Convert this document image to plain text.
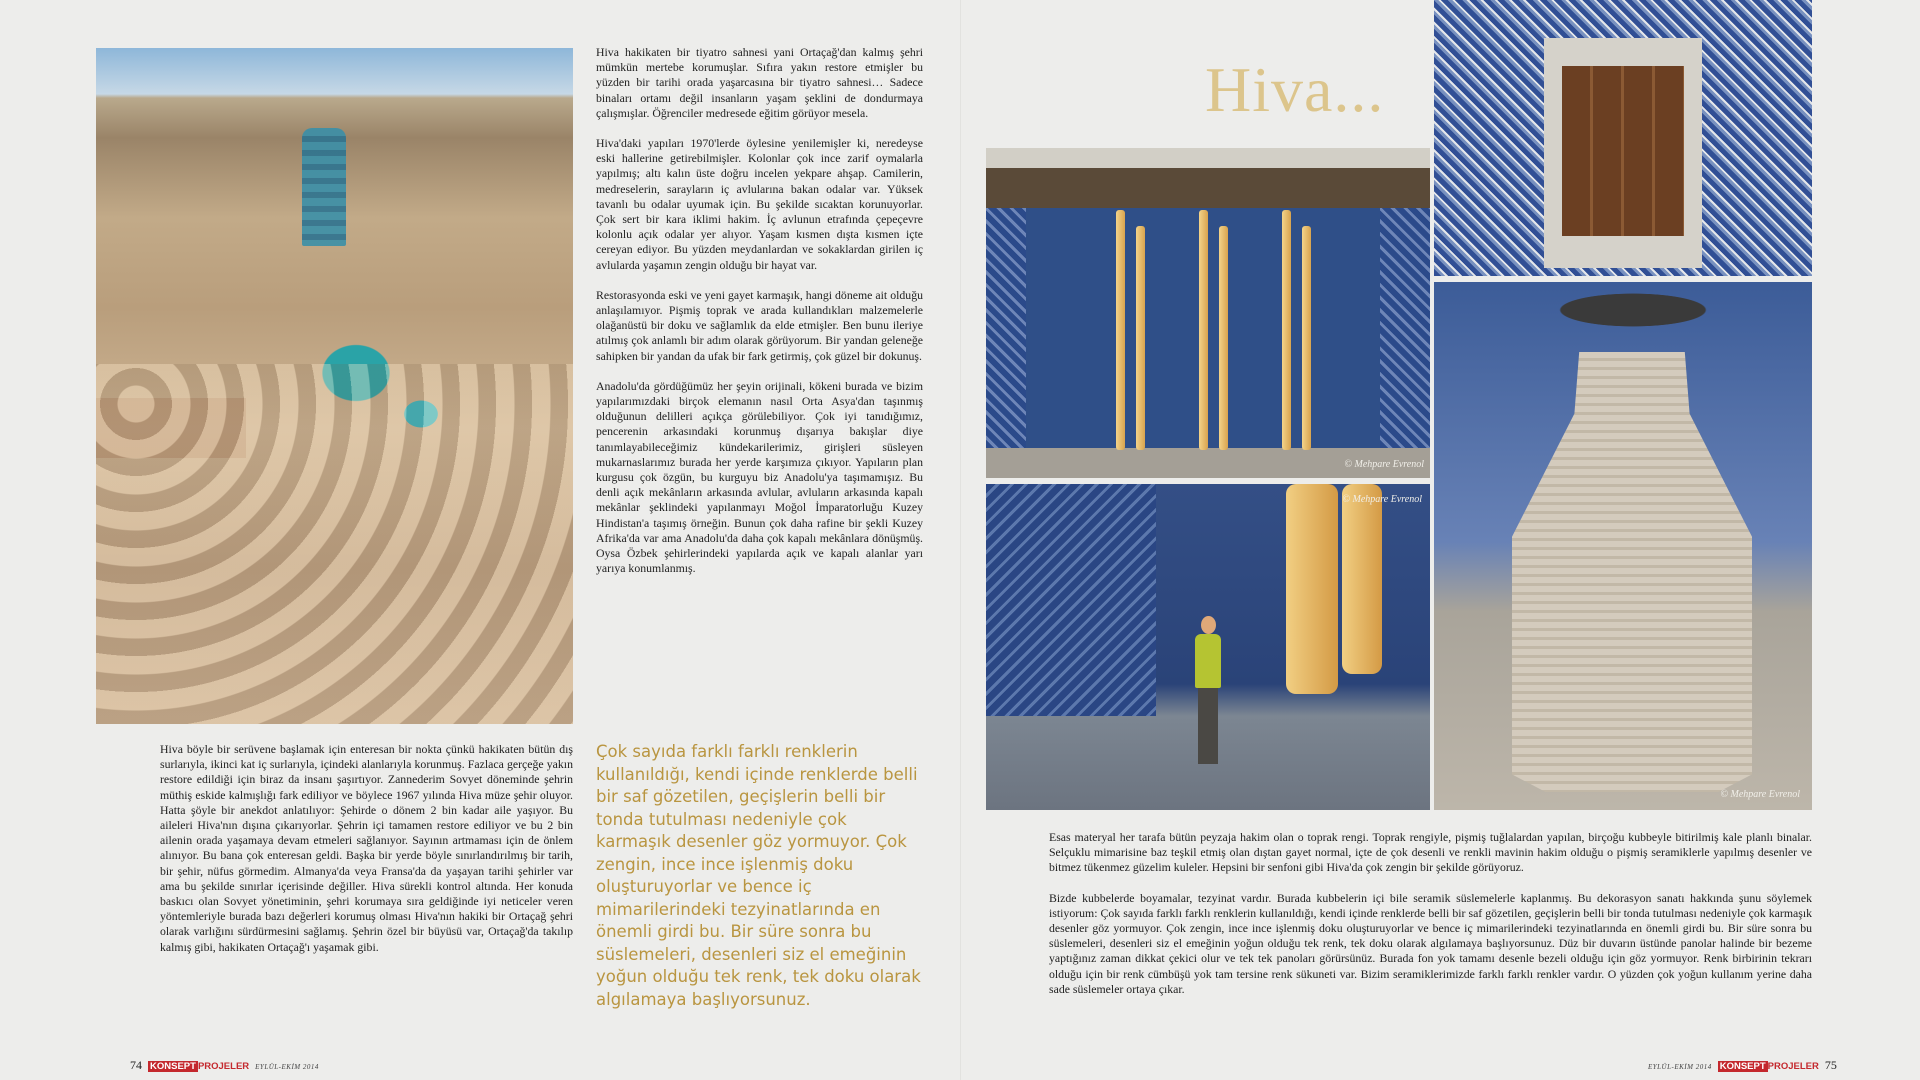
Hiva böyle bir serüvene başlamak için enteresan bir nokta çünkü hakikaten bütün dış surlarıyla, ikinci kat iç surlarıyla, içindeki alanlarıyla korunmuş. Fazlaca gerçeğe yakın restore edildiği için biraz da insanı şaşırtıyor. Zannederim Sovyet döneminde şehrin müthiş eskide kalmışlığı fark ediliyor ve böylece 1967 yılında Hiva müze şehir oluyor. Hatta şöyle bir anekdot anlatılıyor: Şehirde o dönem 2 bin kadar aile yaşıyor. Bu aileleri Hiva'nın dışına çıkarıyorlar. Şehrin içi tamamen restore ediliyor ve bu 2 bin ailenin orada yaşamaya devam etmeleri sağlanıyor. Sayının artmaması için de önlem alınıyor. Bu bana çok enteresan geldi. Başka bir yerde böyle sınırlandırılmış bir tarih, bir şehir, nüfus görmedim. Almanya'da veya Fransa'da da yaşayan tarihi şehirler var ama bu şekilde sınırlar içerisinde değiller. Hiva sürekli kontrol altında. Her konuda baskıcı olan Sovyet yönetiminin, şehri korumaya sıra geldiğinde iyi neticeler veren yöntemleriyle burada bazı değerleri korumuş olması Hiva'nın hakiki bir Ortaçağ şehri olarak varlığını sürdürmesini sağlamış. Şehrin özel bir büyüsü var, Ortaçağ'da takılıp kalmış gibi, hakikaten Ortaçağ'ı yaşamak gibi.

Hiva hakikaten bir tiyatro sahnesi yani Ortaçağ'dan kalmış şehri mümkün mertebe korumuşlar. Sıfıra yakın restore etmişler bu yüzden bir tarihi orada yaşarcasına bir tiyatro sahnesi… Sadece binaları ortamı değil insanların yaşam şeklini de dondurmaya çalışmışlar. Öğrenciler medresede eğitim görüyor mesela.

Hiva'daki yapıları 1970'lerde öylesine yenilemişler ki, neredeyse eski hallerine getirebilmişler. Kolonlar çok ince zarif oymalarla yapılmış; altı kalın üste doğru incelen yekpare ahşap. Camilerin, medreselerin, sarayların iç avlularına bakan odalar var. Yüksek tavanlı bu odalar uyumak için. Bu şekilde sıcaktan korunuyorlar. Çok sert bir kara iklimi hakim. İç avlunun etrafında çepeçevre kolonlu açık odalar yer alıyor. Yaşam kısmen dışta kısmen içte cereyan ediyor. Bu yüzden meydanlardan ve sokaklardan girilen iç avlularda yaşamın zengin olduğu bir hayat var.

Restorasyonda eski ve yeni gayet karmaşık, hangi döneme ait olduğu anlaşılamıyor. Pişmiş toprak ve arada kullandıkları malzemelerle olağanüstü bir doku ve sağlamlık da elde etmişler. Ben bunu ileriye atılmış çok anlamlı bir adım olarak görüyorum. Bir yandan geleneğe sahipken bir yandan da ufak bir fark getirmiş, çok güzel bir dokunuş.

Anadolu'da gördüğümüz her şeyin orijinali, kökeni burada ve bizim yapılarımızdaki birçok elemanın nasıl Orta Asya'dan taşınmış olduğunun delilleri açıkça görülebiliyor. Çok iyi tanıdığımız, pencerenin arkasındaki korunmuş dışarıya bakışlar diye tanımlayabileceğimiz kündekarilerimiz, girişleri süsleyen mukarnaslarımız burada her yerde karşımıza çıkıyor. Yapıların plan kurgusu çok özgün, bu kurguyu biz Anadolu'ya taşımamışız. Bu denli açık mekânların arkasında avlular, avluların arkasında kapalı mekânlar şeklindeki yapılanmayı Moğol İmparatorluğu Kuzey Hindistan'a taşımış örneğin. Bunun çok daha rafine bir şekli Kuzey Afrika'da var ama Anadolu'da daha çok kapalı mekânlara dönüşmüş. Oysa Özbek şehirlerindeki yapılarda açık ve kapalı alanlar yarı yarıya konumlanmış.

Çok sayıda farklı farklı renklerin kullanıldığı, kendi içinde renklerde belli bir saf gözetilen, geçişlerin belli bir tonda tutulması nedeniyle çok karmaşık desenler göz yormuyor. Çok zengin, ince ince işlenmiş doku oluşturuyorlar ve bence iç mimarilerindeki tezyinatlarında en önemli girdi bu. Bir süre sonra bu süslemeleri, desenleri siz el emeğinin yoğun olduğu tek renk, tek doku olarak algılamaya başlıyorsunuz.
74 KONSEPT PROJELER EYLÜL-EKİM 2014
Hiva...
© Mehpare Evrenol
© Mehpare Evrenol
© Mehpare Evrenol

Esas materyal her tarafa bütün peyzaja hakim olan o toprak rengi. Toprak rengiyle, pişmiş tuğlalardan yapılan, birçoğu kubbeyle bitirilmiş kale planlı binalar. Selçuklu mimarisine baz teşkil etmiş olan dıştan gayet normal, içte de çok desenli ve renkli mavinin hakim olduğu o pişmiş seramiklerle yapılmış desenler ve bitmez tükenmez güzelim kuleler. Hepsini bir senfoni gibi Hiva'da çok zengin bir şekilde görüyoruz.

Bizde kubbelerde boyamalar, tezyinat vardır. Burada kubbelerin içi bile seramik süslemelerle kaplanmış. Bu dekorasyon sanatı hakkında şunu söylemek istiyorum: Çok sayıda farklı farklı renklerin kullanıldığı, kendi içinde renklerde belli bir saf gözetilen, geçişlerin belli bir tonda tutulması nedeniyle çok karmaşık desenler göz yormuyor. Çok zengin, ince ince işlenmiş doku oluşturuyorlar ve bence iç mimarilerindeki tezyinatlarında en önemli girdi bu. Bir süre sonra bu süslemeleri, desenleri siz el emeğinin yoğun olduğu tek renk, tek doku olarak algılamaya başlıyorsunuz. Düz bir duvarın üstünde panolar halinde bir bezeme yaptığınız zaman dikkat çekici olur ve tek tek panoları görürsünüz. Burada fon yok tamamı desenle bezeli olduğu için göz yormuyor. Renk birbirinin tekrarı olduğu için bir renk cümbüşü yok tam tersine renk sükuneti var. Bizim seramiklerimizde farklı farklı renkler vardır. O yüzden çok yoğun kullanım yerine daha sade süslemeler ortaya çıkar.

EYLÜL-EKİM 2014 KONSEPT PROJELER 75
